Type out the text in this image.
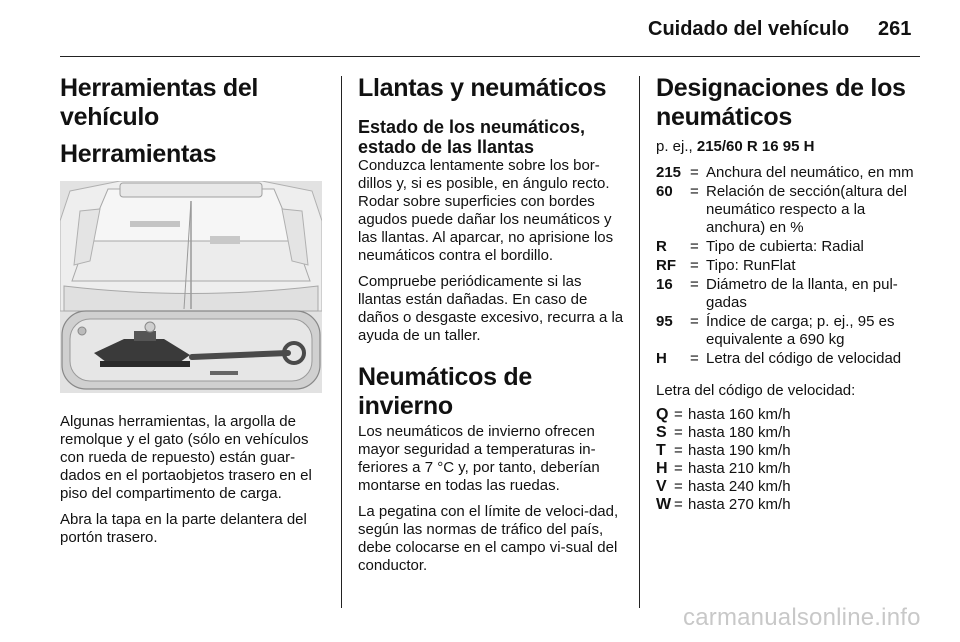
Cuidado del vehículo 261
Herramientas del vehículo
Herramientas

Algunas herramientas, la argolla de remolque y el gato (sólo en vehículos con rueda de repuesto) están guar-dados en el portaobjetos trasero en el piso del compartimento de carga.

Abra la tapa en la parte delantera del portón trasero.

Llantas y neumáticos
Estado de los neumáticos, estado de las llantas

Conduzca lentamente sobre los bor-dillos y, si es posible, en ángulo recto. Rodar sobre superficies con bordes agudos puede dañar los neumáticos y las llantas. Al aparcar, no aprisione los neumáticos contra el bordillo.

Compruebe periódicamente si las llantas están dañadas. En caso de daños o desgaste excesivo, recurra a la ayuda de un taller.

Neumáticos de invierno

Los neumáticos de invierno ofrecen mayor seguridad a temperaturas in-feriores a 7 °C y, por tanto, deberían montarse en todas las ruedas.

La pegatina con el límite de veloci-dad, según las normas de tráfico del país, debe colocarse en el campo vi-sual del conductor.

Designaciones de los neumáticos
p. ej., 215/60 R 16 95 H
215 = Anchura del neumático, en mm
60	= Relación de sección(altura del neumático respecto a la anchura) en %
R	= Tipo de cubierta: Radial
RF = Tipo: RunFlat
16	= Diámetro de la llanta, en pul-gadas
95	= Índice de carga; p. ej., 95 es equivalente a 690 kg
H	= Letra del código de velocidad

Letra del código de velocidad:

Q = hasta 160 km/h
S = hasta 180 km/h
T = hasta 190 km/h
H = hasta 210 km/h
V = hasta 240 km/h
W = hasta 270 km/h
carmanualsonline.info
